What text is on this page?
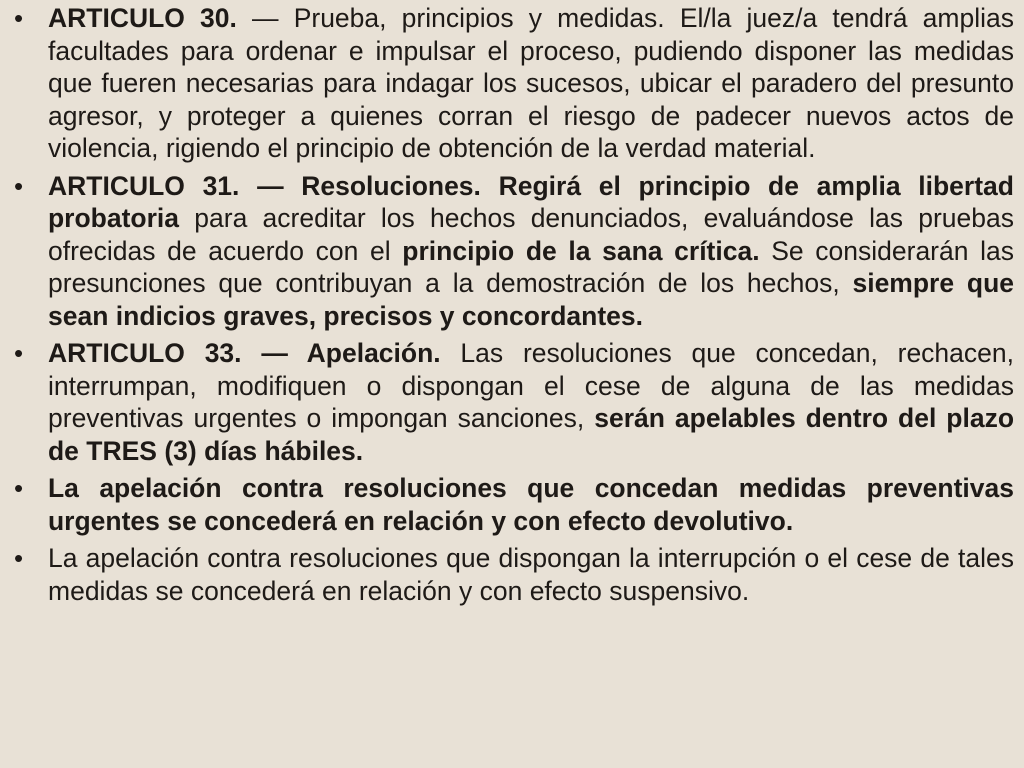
• ARTICULO 30. — Prueba, principios y medidas. El/la juez/a tendrá amplias facultades para ordenar e impulsar el proceso, pudiendo disponer las medidas que fueren necesarias para indagar los sucesos, ubicar el paradero del presunto agresor, y proteger a quienes corran el riesgo de padecer nuevos actos de violencia, rigiendo el principio de obtención de la verdad material.
• ARTICULO 31. — Resoluciones. Regirá el principio de amplia libertad probatoria para acreditar los hechos denunciados, evaluándose las pruebas ofrecidas de acuerdo con el principio de la sana crítica. Se considerarán las presunciones que contribuyan a la demostración de los hechos, siempre que sean indicios graves, precisos y concordantes.
• ARTICULO 33. — Apelación. Las resoluciones que concedan, rechacen, interrumpan, modifiquen o dispongan el cese de alguna de las medidas preventivas urgentes o impongan sanciones, serán apelables dentro del plazo de TRES (3) días hábiles.
• La apelación contra resoluciones que concedan medidas preventivas urgentes se concederá en relación y con efecto devolutivo.
• La apelación contra resoluciones que dispongan la interrupción o el cese de tales medidas se concederá en relación y con efecto suspensivo.
